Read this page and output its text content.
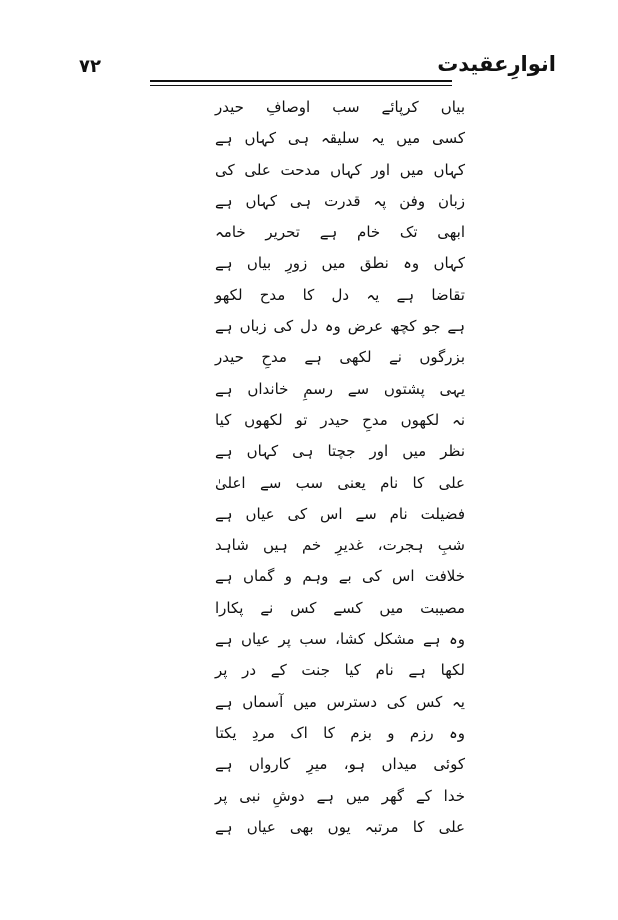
انوارِعقیدت
۷۲
بیاں کرپائے سب اوصافِ حیدر
کسی میں یہ سلیقہ ہی کہاں ہے
کہاں میں اور کہاں مدحت علی کی
زبان وفن پہ قدرت ہی کہاں ہے
ابھی تک خام ہے تحریر خامہ
کہاں وہ نطق میں زورِ بیاں ہے
تقاضا ہے یہ دل کا مدح لکھو
ہے جو کچھ عرض وہ دل کی زباں ہے
بزرگوں نے لکھی ہے مدحِ حیدر
یہی پشتوں سے رسمِ خانداں ہے
نہ لکھوں مدحِ حیدر تو لکھوں کیا
نظر میں اور جچتا ہی کہاں ہے
علی کا نام یعنی سب سے اعلیٰ
فضیلت نام سے اس کی عیاں ہے
شبِ ہجرت، غدیرِ خم ہیں شاہد
خلافت اس کی بے وہم و گماں ہے
مصیبت میں کسے کس نے پکارا
وہ ہے مشکل کشا، سب پر عیاں ہے
لکھا ہے نام کیا جنت کے در پر
یہ کس کی دسترس میں آسماں ہے
وہ رزم و بزم کا اک مردِ یکتا
کوئی میداں ہو، میرِ کارواں ہے
خدا کے گھر میں ہے دوشِ نبی پر
علی کا مرتبہ یوں بھی عیاں ہے
